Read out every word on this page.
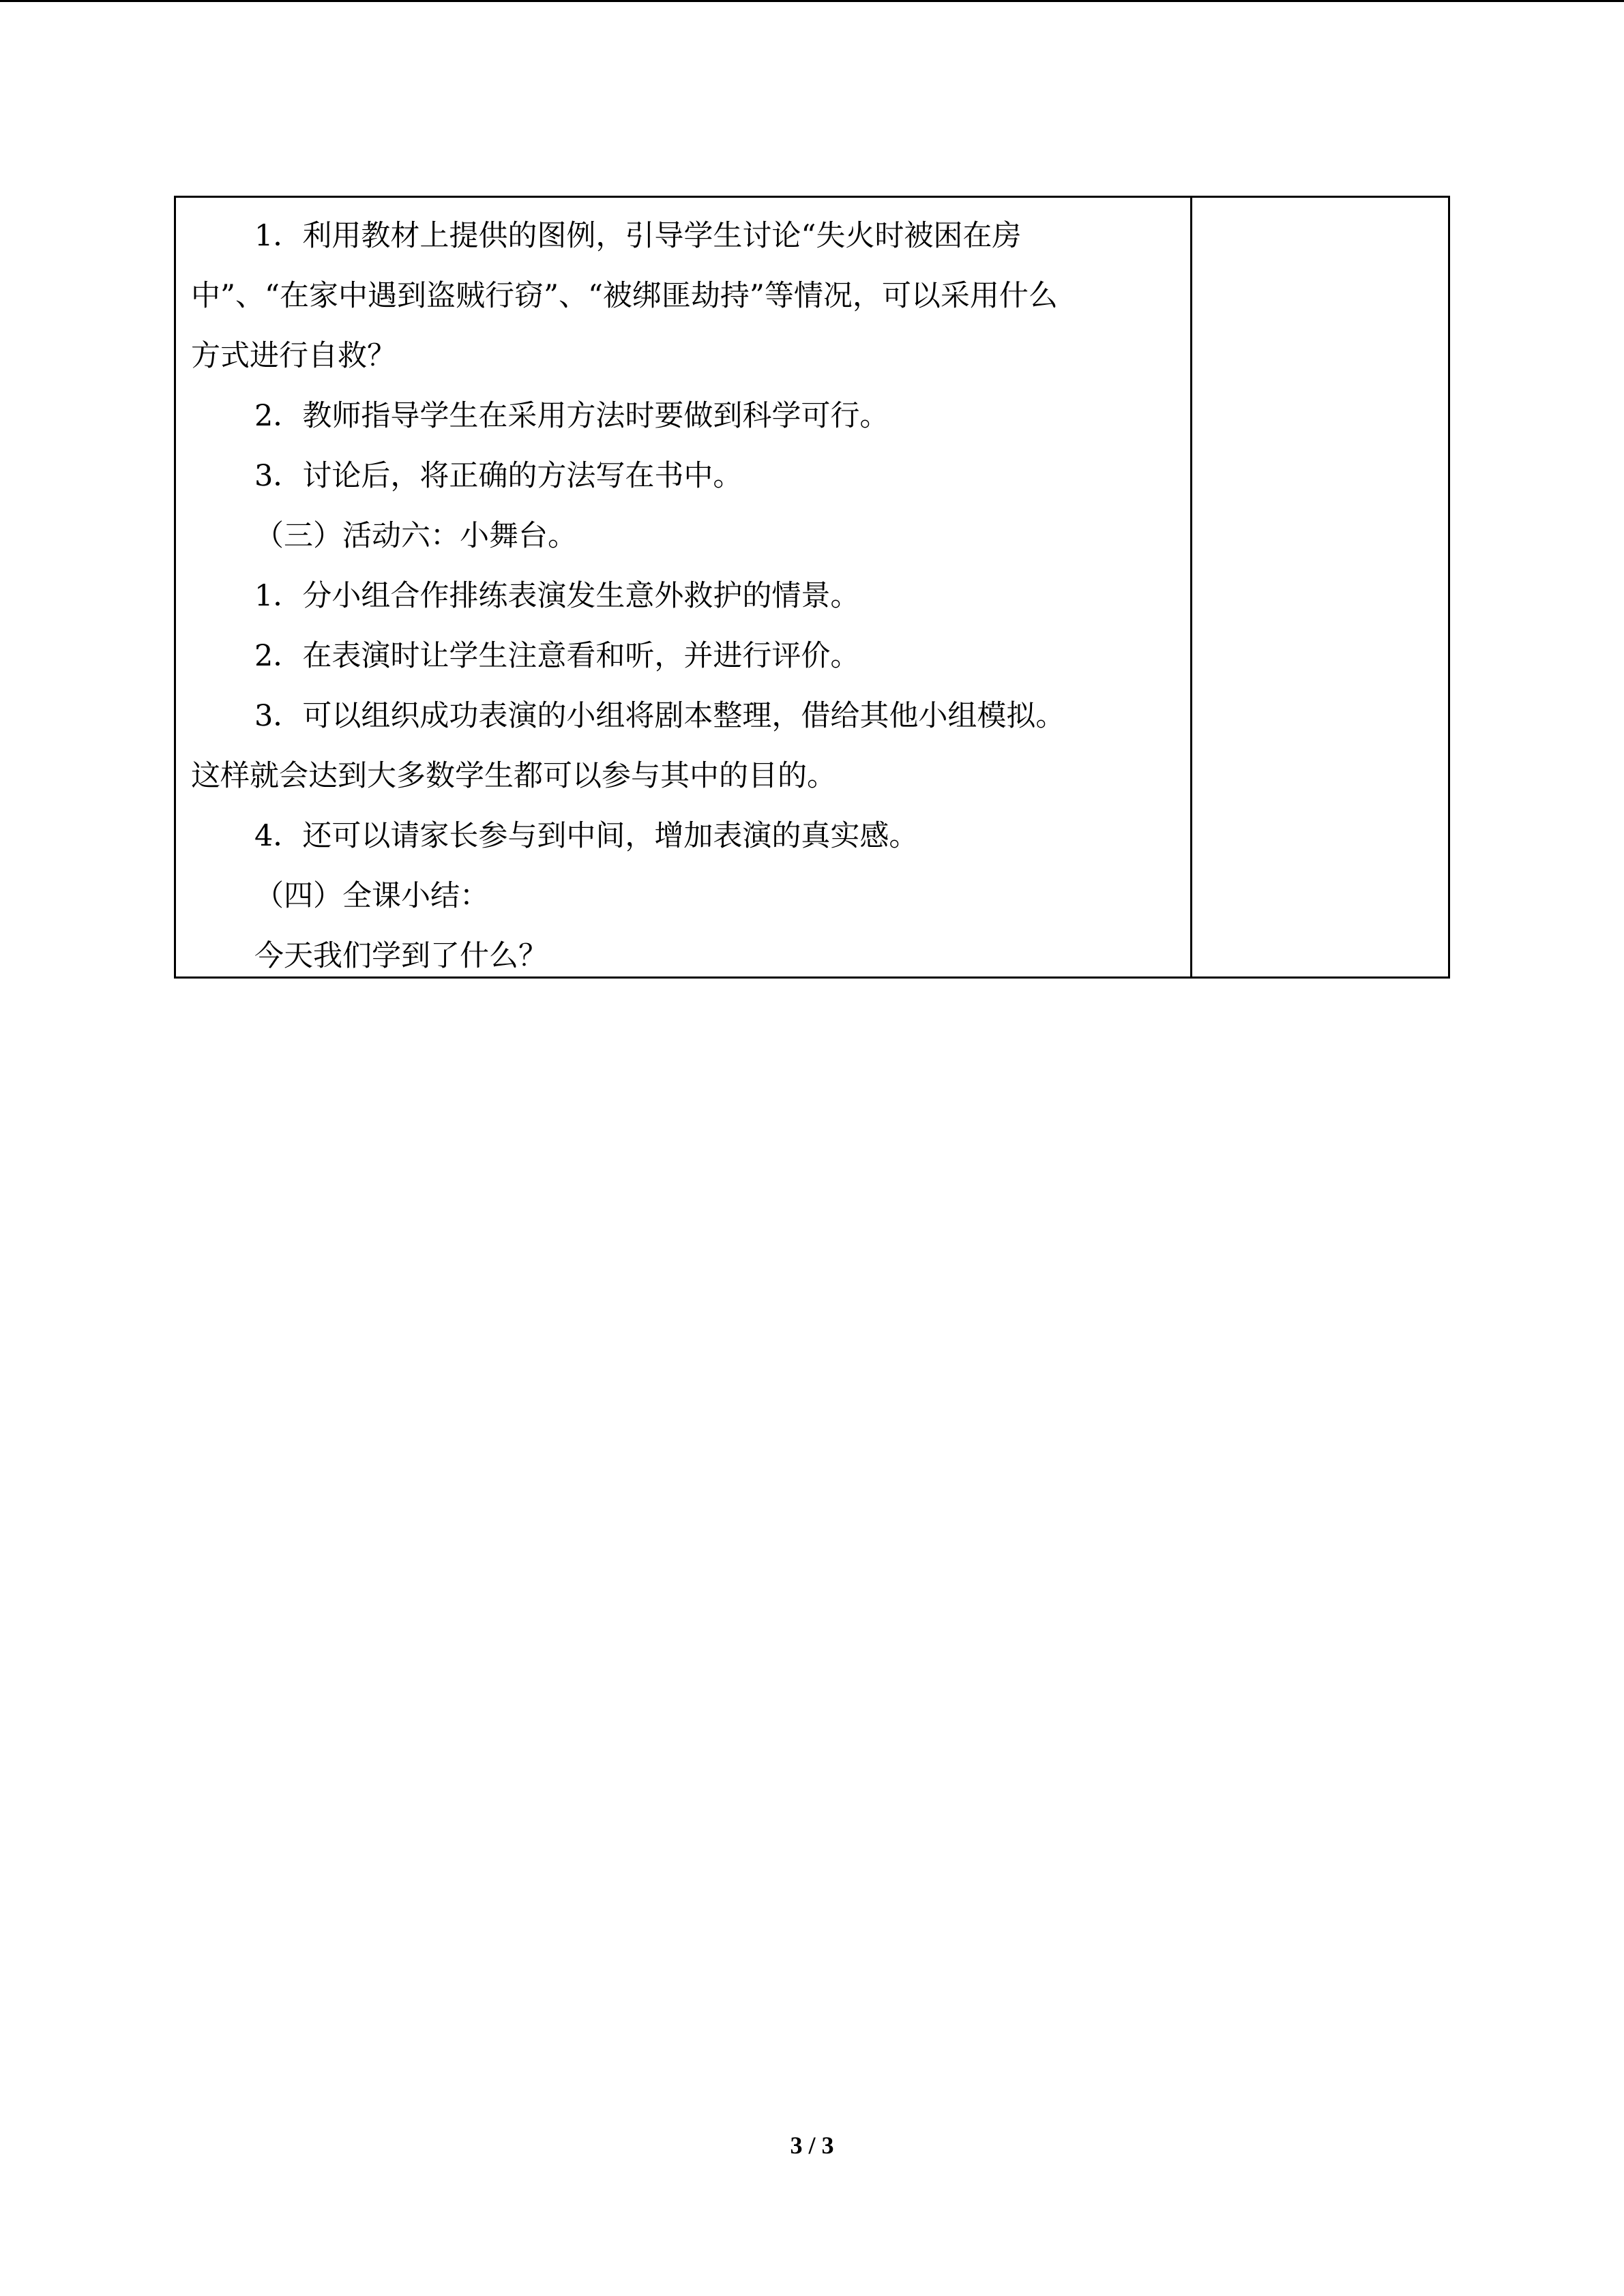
1．利用教材上提供的图例，引导学生讨论“失火时被困在房

中”、“在家中遇到盗贼行窃”、“被绑匪劫持”等情况，可以采用什么

方式进行自救？

2．教师指导学生在采用方法时要做到科学可行。

3．讨论后，将正确的方法写在书中。

（三）活动六：小舞台。

1．分小组合作排练表演发生意外救护的情景。

2．在表演时让学生注意看和听，并进行评价。

3．可以组织成功表演的小组将剧本整理，借给其他小组模拟。

这样就会达到大多数学生都可以参与其中的目的。

4．还可以请家长参与到中间，增加表演的真实感。

（四）全课小结：

今天我们学到了什么？

3 / 3
